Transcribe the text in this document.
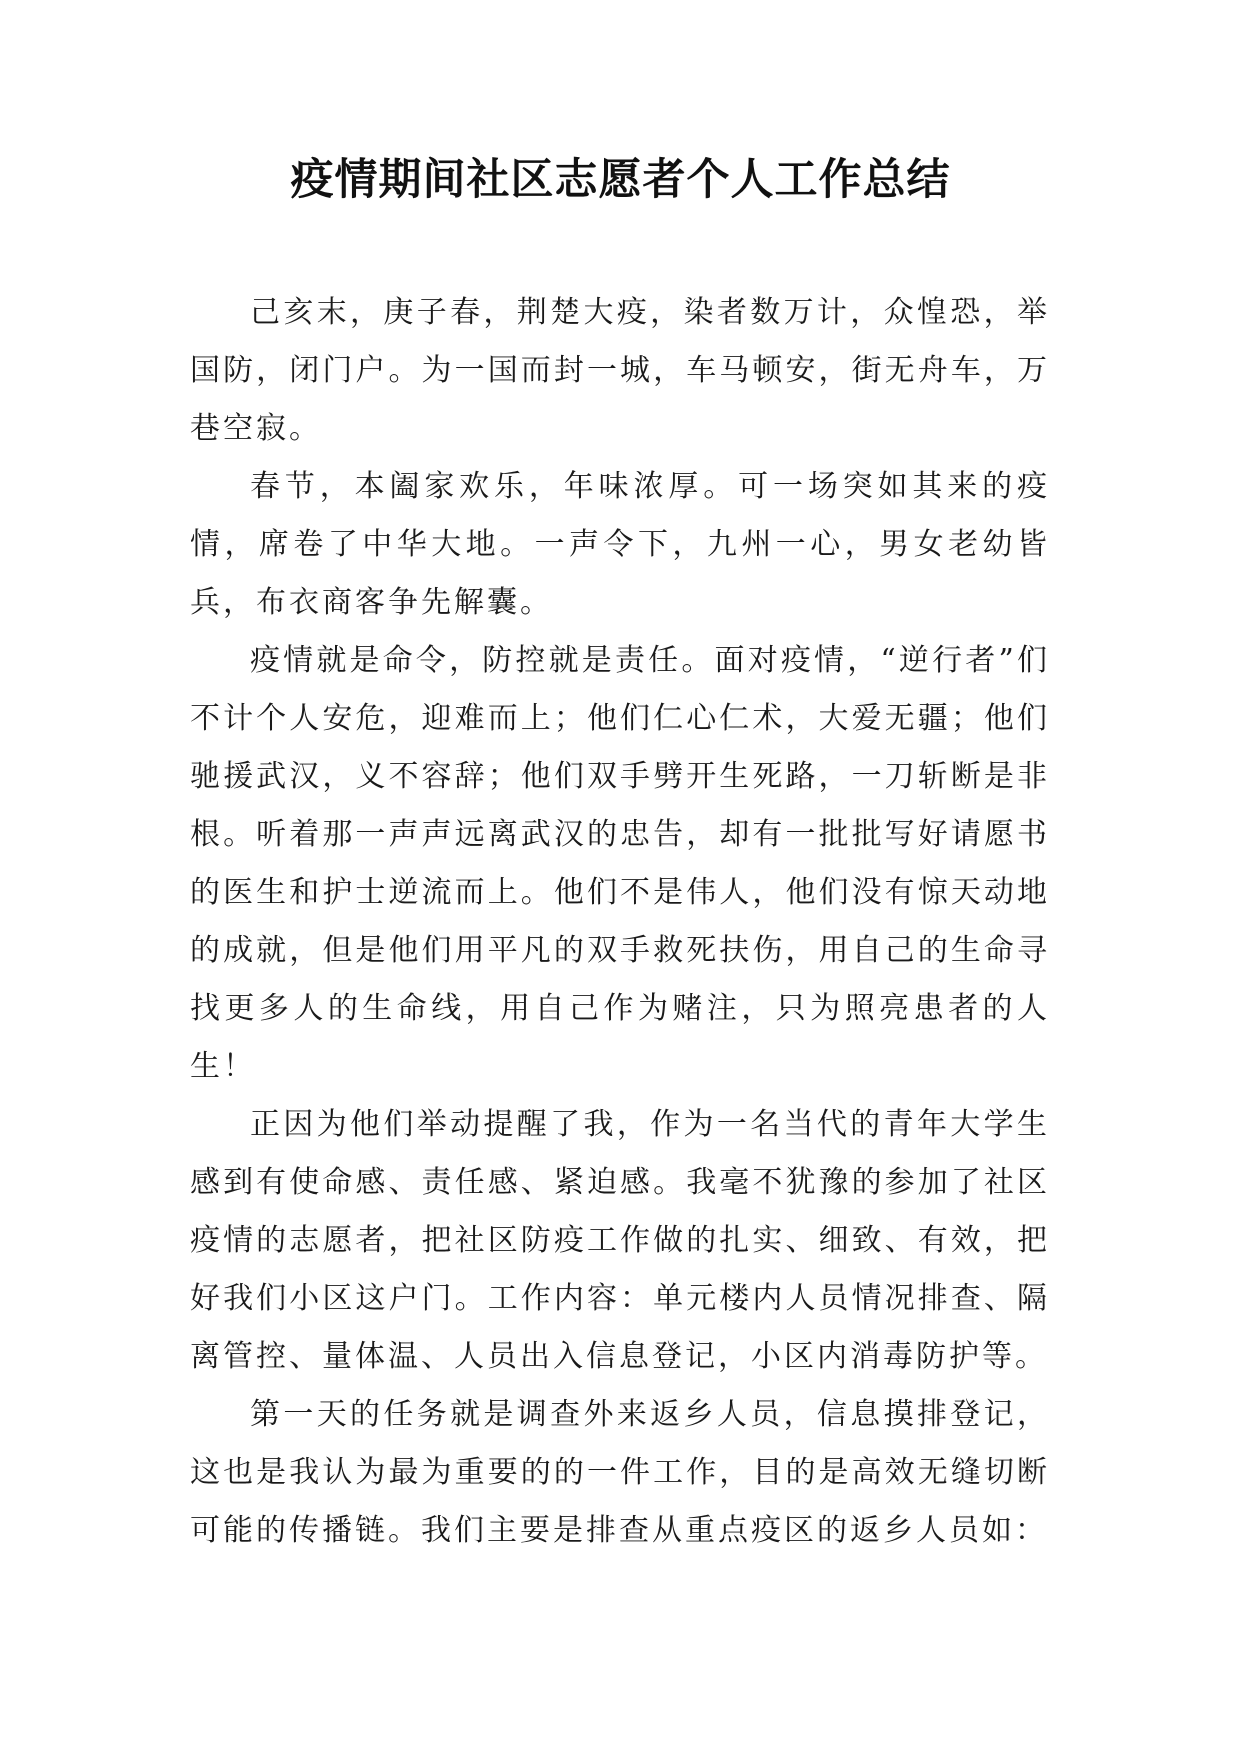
疫情期间社区志愿者个人工作总结

己亥末，庚子春，荆楚大疫，染者数万计，众惶恐，举国防，闭门户。为一国而封一城，车马顿安，街无舟车，万巷空寂。

春节，本阖家欢乐，年味浓厚。可一场突如其来的疫情，席卷了中华大地。一声令下，九州一心，男女老幼皆兵，布衣商客争先解囊。

疫情就是命令，防控就是责任。面对疫情，“逆行者”们不计个人安危，迎难而上；他们仁心仁术，大爱无疆；他们驰援武汉，义不容辞；他们双手劈开生死路，一刀斩断是非根。听着那一声声远离武汉的忠告，却有一批批写好请愿书的医生和护士逆流而上。他们不是伟人，他们没有惊天动地的成就，但是他们用平凡的双手救死扶伤，用自己的生命寻找更多人的生命线，用自己作为赌注，只为照亮患者的人生！

正因为他们举动提醒了我，作为一名当代的青年大学生感到有使命感、责任感、紧迫感。我毫不犹豫的参加了社区疫情的志愿者，把社区防疫工作做的扎实、细致、有效，把好我们小区这户门。工作内容：单元楼内人员情况排查、隔离管控、量体温、人员出入信息登记，小区内消毒防护等。

第一天的任务就是调查外来返乡人员，信息摸排登记，这也是我认为最为重要的的一件工作，目的是高效无缝切断可能的传播链。我们主要是排查从重点疫区的返乡人员如：
